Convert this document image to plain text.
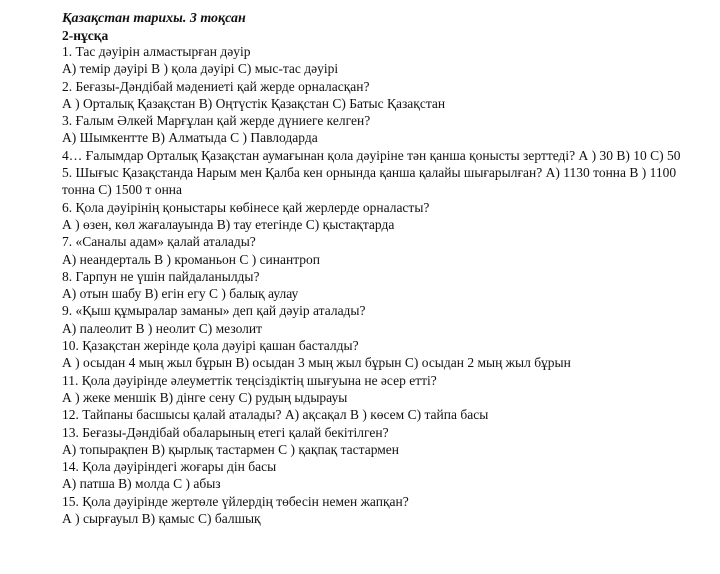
Қазақстан тарихы. 3 тоқсан
2-нұсқа
1. Тас дәуірін алмастырған дәуір
А) темір дәуірі В ) қола дәуірі С) мыс-тас дәуірі
2. Беғазы-Дәндібай мәдениеті қай жерде орналасқан?
А ) Орталық Қазақстан В) Оңтүстік Қазақстан С) Батыс Қазақстан
3. Ғалым Әлкей Марғұлан қай жерде дүниеге келген?
А) Шымкентте В) Алматыда С ) Павлодарда
4… Ғалымдар Орталық Қазақстан аумағынан қола дәуіріне тән қанша қонысты зерттеді? А ) 30 В) 10 С) 50
5. Шығыс Қазақстанда Нарым мен Қалба кен орнында қанша қалайы шығарылған? А) 1130 тонна В ) 1100 тонна С) 1500 т онна
6. Қола дәуірінің қоныстары көбінесе қай жерлерде орналасты?
А ) өзен, көл жағалауында В) тау етегінде С) қыстақтарда
7. «Саналы адам» қалай аталады?
А) неандерталь В ) кроманьон С ) синантроп
8. Гарпун не үшін пайдаланылды?
А) отын шабу В) егін егу С ) балық аулау
9. «Қыш құмыралар заманы» деп қай дәуір аталады?
А) палеолит В ) неолит С) мезолит
10. Қазақстан жерінде қола дәуірі қашан басталды?
А ) осыдан 4 мың жыл бұрын В) осыдан 3 мың жыл бұрын С) осыдан 2 мың жыл бұрын
11. Қола дәуірінде әлеуметтік теңсіздіктің шығуына не әсер етті?
А ) жеке меншік В) дінге сену С) рудың ыдырауы
12. Тайпаны басшысы қалай аталады? А) ақсақал В ) көсем С) тайпа басы
13. Беғазы-Дәндібай обаларының етегі қалай бекітілген?
А) топырақпен В) қырлық тастармен С ) қақпақ тастармен
14. Қола дәуіріндегі жоғары дін басы
А) патша В) молда С ) абыз
15. Қола дәуірінде жертөле үйлердің төбесін немен жапқан?
А ) сырғауыл В) қамыс С) балшық
